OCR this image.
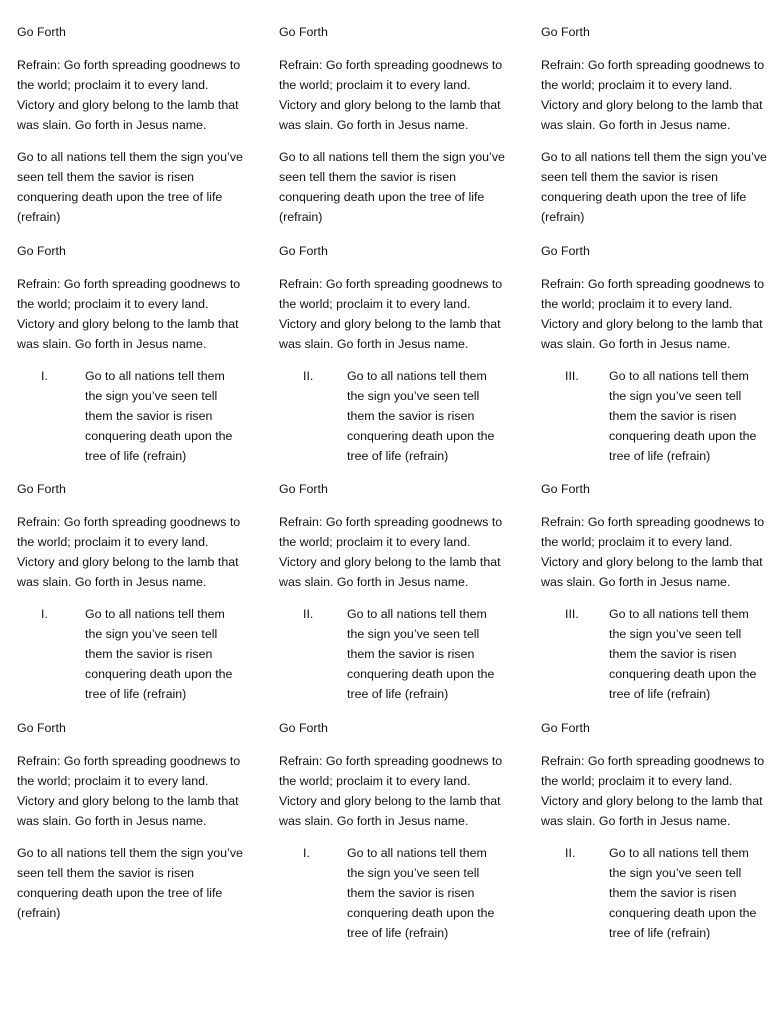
Go Forth

Refrain: Go forth spreading goodnews to the world; proclaim it to every land. Victory and glory belong to the lamb that was slain. Go forth in Jesus name.

Go to all nations tell them the sign you’ve seen tell them the savior is risen conquering death upon the tree of life (refrain)

Go Forth

Refrain: Go forth spreading goodnews to the world; proclaim it to every land. Victory and glory belong to the lamb that was slain. Go forth in Jesus name.

Go to all nations tell them the sign you’ve seen tell them the savior is risen conquering death upon the tree of life (refrain)

Go Forth

Refrain: Go forth spreading goodnews to the world; proclaim it to every land. Victory and glory belong to the lamb that was slain. Go forth in Jesus name.

Go to all nations tell them the sign you’ve seen tell them the savior is risen conquering death upon the tree of life (refrain)

Go Forth

Refrain: Go forth spreading goodnews to the world; proclaim it to every land. Victory and glory belong to the lamb that was slain. Go forth in Jesus name.

I.	Go to all nations tell them the sign you’ve seen tell them the savior is risen conquering death upon the tree of life (refrain)

Go Forth

Refrain: Go forth spreading goodnews to the world; proclaim it to every land. Victory and glory belong to the lamb that was slain. Go forth in Jesus name.

II.	Go to all nations tell them the sign you’ve seen tell them the savior is risen conquering death upon the tree of life (refrain)

Go Forth

Refrain: Go forth spreading goodnews to the world; proclaim it to every land. Victory and glory belong to the lamb that was slain. Go forth in Jesus name.

III.	Go to all nations tell them the sign you’ve seen tell them the savior is risen conquering death upon the tree of life (refrain)

Go Forth

Refrain: Go forth spreading goodnews to the world; proclaim it to every land. Victory and glory belong to the lamb that was slain. Go forth in Jesus name.

I.	Go to all nations tell them the sign you’ve seen tell them the savior is risen conquering death upon the tree of life (refrain)

Go Forth

Refrain: Go forth spreading goodnews to the world; proclaim it to every land. Victory and glory belong to the lamb that was slain. Go forth in Jesus name.

II.	Go to all nations tell them the sign you’ve seen tell them the savior is risen conquering death upon the tree of life (refrain)

Go Forth

Refrain: Go forth spreading goodnews to the world; proclaim it to every land. Victory and glory belong to the lamb that was slain. Go forth in Jesus name.

III.	Go to all nations tell them the sign you’ve seen tell them the savior is risen conquering death upon the tree of life (refrain)

Go Forth

Refrain: Go forth spreading goodnews to the world; proclaim it to every land. Victory and glory belong to the lamb that was slain. Go forth in Jesus name.

Go to all nations tell them the sign you’ve seen tell them the savior is risen conquering death upon the tree of life (refrain)

Go Forth

Refrain: Go forth spreading goodnews to the world; proclaim it to every land. Victory and glory belong to the lamb that was slain. Go forth in Jesus name.

I.	Go to all nations tell them the sign you’ve seen tell them the savior is risen conquering death upon the tree of life (refrain)

Go Forth

Refrain: Go forth spreading goodnews to the world; proclaim it to every land. Victory and glory belong to the lamb that was slain. Go forth in Jesus name.

II.	Go to all nations tell them the sign you’ve seen tell them the savior is risen conquering death upon the tree of life (refrain)
